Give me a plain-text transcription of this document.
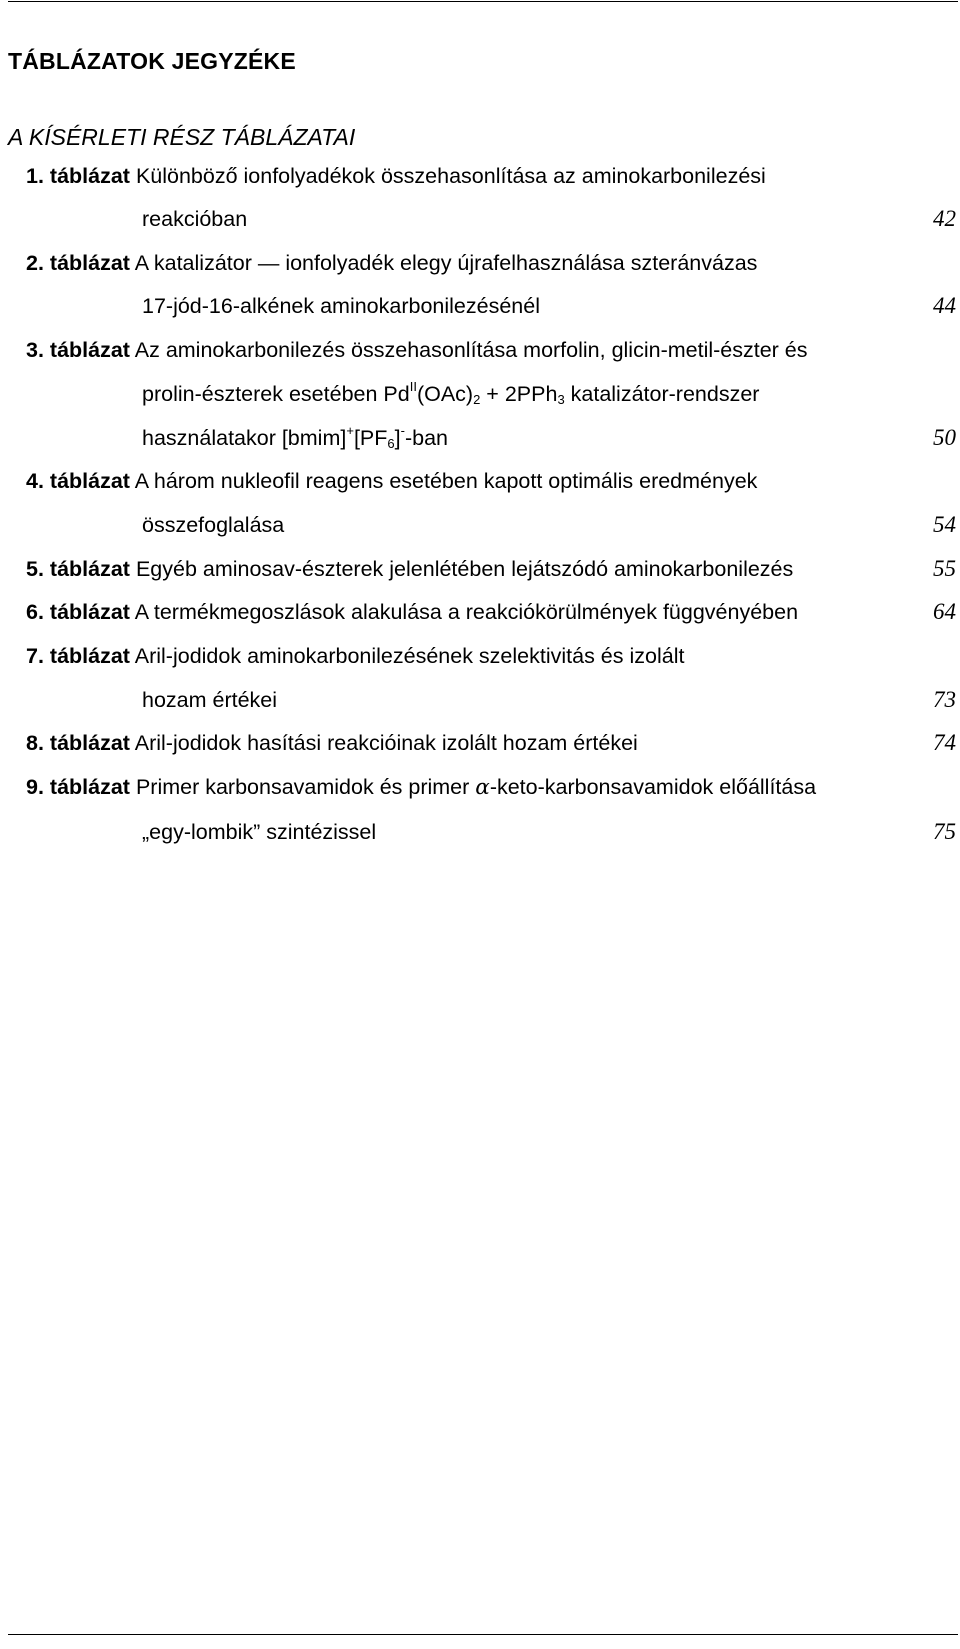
TÁBLÁZATOK JEGYZÉKE
A KÍSÉRLETI RÉSZ TÁBLÁZATAI
1. táblázat Különböző ionfolyadékok összehasonlítása az aminokarbonilezési
reakcióban	42
2. táblázat A katalizátor — ionfolyadék elegy újrafelhasználása szteránvázas
17-jód-16-alkének aminokarbonilezésénél	44
3. táblázat Az aminokarbonilezés összehasonlítása morfolin, glicin-metil-észter és
prolin-észterek esetében $Pd^{II}(OAc)_2 + 2PPh_3$ katalizátor-rendszer
használatakor $[bmim]^+[PF_6]^-$-ban	50
4. táblázat A három nukleofil reagens esetében kapott optimális eredmények
összefoglalása	54
5. táblázat Egyéb aminosav-észterek jelenlétében lejátszódó aminokarbonilezés	55
6. táblázat A termékmegoszlások alakulása a reakciókörülmények függvényében	64
7. táblázat Aril-jodidok aminokarbonilezésének szelektivitás és izolált
hozam értékei	73
8. táblázat Aril-jodidok hasítási reakcióinak izolált hozam értékei	74
9. táblázat Primer karbonsavamidok és primer α-keto-karbonsavamidok előállítása
„egy-lombik” szintézissel	75
